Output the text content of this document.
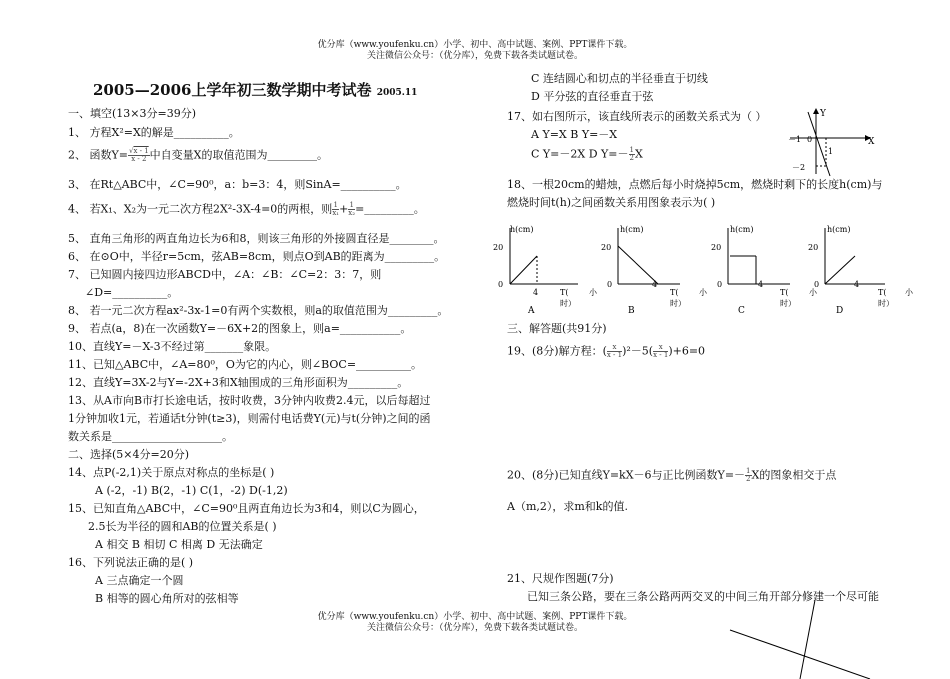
优分库（www.youfenku.cn）小学、初中、高中试题、案例、PPT课件下载。
关注微信公众号：（优分库），免费下载各类试题试卷。
2005—2006上学年初三数学期中考试卷 2005.11
一、填空(13×3分=39分)
1、 方程X²=X的解是__________。
2、 函数$Y= \frac{√x - 1}{x - 2}$ 中自变量X的取值范围为_________。
3、 在Rt△ABC中，∠C=90⁰，a：b=3：4，则SinA=__________。
4、 若X₁、X₂为一元二次方程2X²-3X-4=0的两根，则 $\frac{1}{\text{x₁}} + \frac{1}{\text{x₂}}$ =_________。
5、 直角三角形的两直角边长为6和8，则该三角形的外接圆直径是________。
6、 在⊙O中，半径r=5cm，弦AB=8cm，则点O到AB的距离为_________。
7、 已知圆内接四边形ABCD中，∠A：∠B：∠C=2：3：7，则
∠D=__________。
8、 若一元二次方程ax²-3x-1=0有两个实数根，则a的取值范围为_________。
9、 若点(a，8)在一次函数Y=－6X+2的图象上，则a=___________。
10、直线Y=－X-3不经过第_______象限。
11、已知△ABC中，∠A=80⁰，O为它的内心，则∠BOC=__________。
12、直线Y=3X-2与Y=-2X+3和X轴围成的三角形面积为_________。
13、从A市向B市打长途电话，按时收费，3分钟内收费2.4元，以后每超过
1分钟加收1元，若通话t分钟(t≥3)，则需付电话费Y(元)与t(分钟)之间的函
数关系是____________________。
二、选择(5×4分=20分)
14、点P(-2,1)关于原点对称点的坐标是( )
A (-2，-1) B(2，-1) C(1，-2) D(-1,2)
15、已知直角△ABC中，∠C=90⁰且两直角边长为3和4，则以C为圆心，
2.5长为半径的圆和AB的位置关系是( )
A 相交 B 相切 C 相离 D 无法确定
16、下列说法正确的是( )
A 三点确定一个圆
B 相等的圆心角所对的弦相等
C 连结圆心和切点的半径垂直于切线
D 平分弦的直径垂直于弦
17、如右图所示，该直线所表示的函数关系式为（ ）
A Y=X B Y=－X
C Y=－2X D $Y=- \frac{1}{2}$ X
Y
X
－1 0
1
－2
18、一根20cm的蜡烛，点燃后每小时烧掉5cm，燃烧时剩下的长度h(cm)与
燃烧时间t(h)之间函数关系用图象表示为( )
h(cm)
20
0
4	T(
时）
小
A
h(cm)
20
0	4
T(
时）
小
B
h(cm)
20
0	4
T(
时）
小
C
h(cm)
20
0	4
T(
时）
小
D
三、解答题(共91分)
19、(8分)解方程：( $\frac{x}{x - 1} )^2-5( \frac{x}{x - 1} )+6=0$
20、(8分)已知直线Y=kX－6与正比例函数$Y=- \frac{1}{2}$ X的图象相交于点
A（m,2），求m和k的值.
21、尺规作图题(7分)
已知三条公路，要在三条公路两两交叉的中间三角开部分修建一个尽可能
优分库（www.youfenku.cn）小学、初中、高中试题、案例、PPT课件下载。
关注微信公众号：（优分库），免费下载各类试题试卷。
